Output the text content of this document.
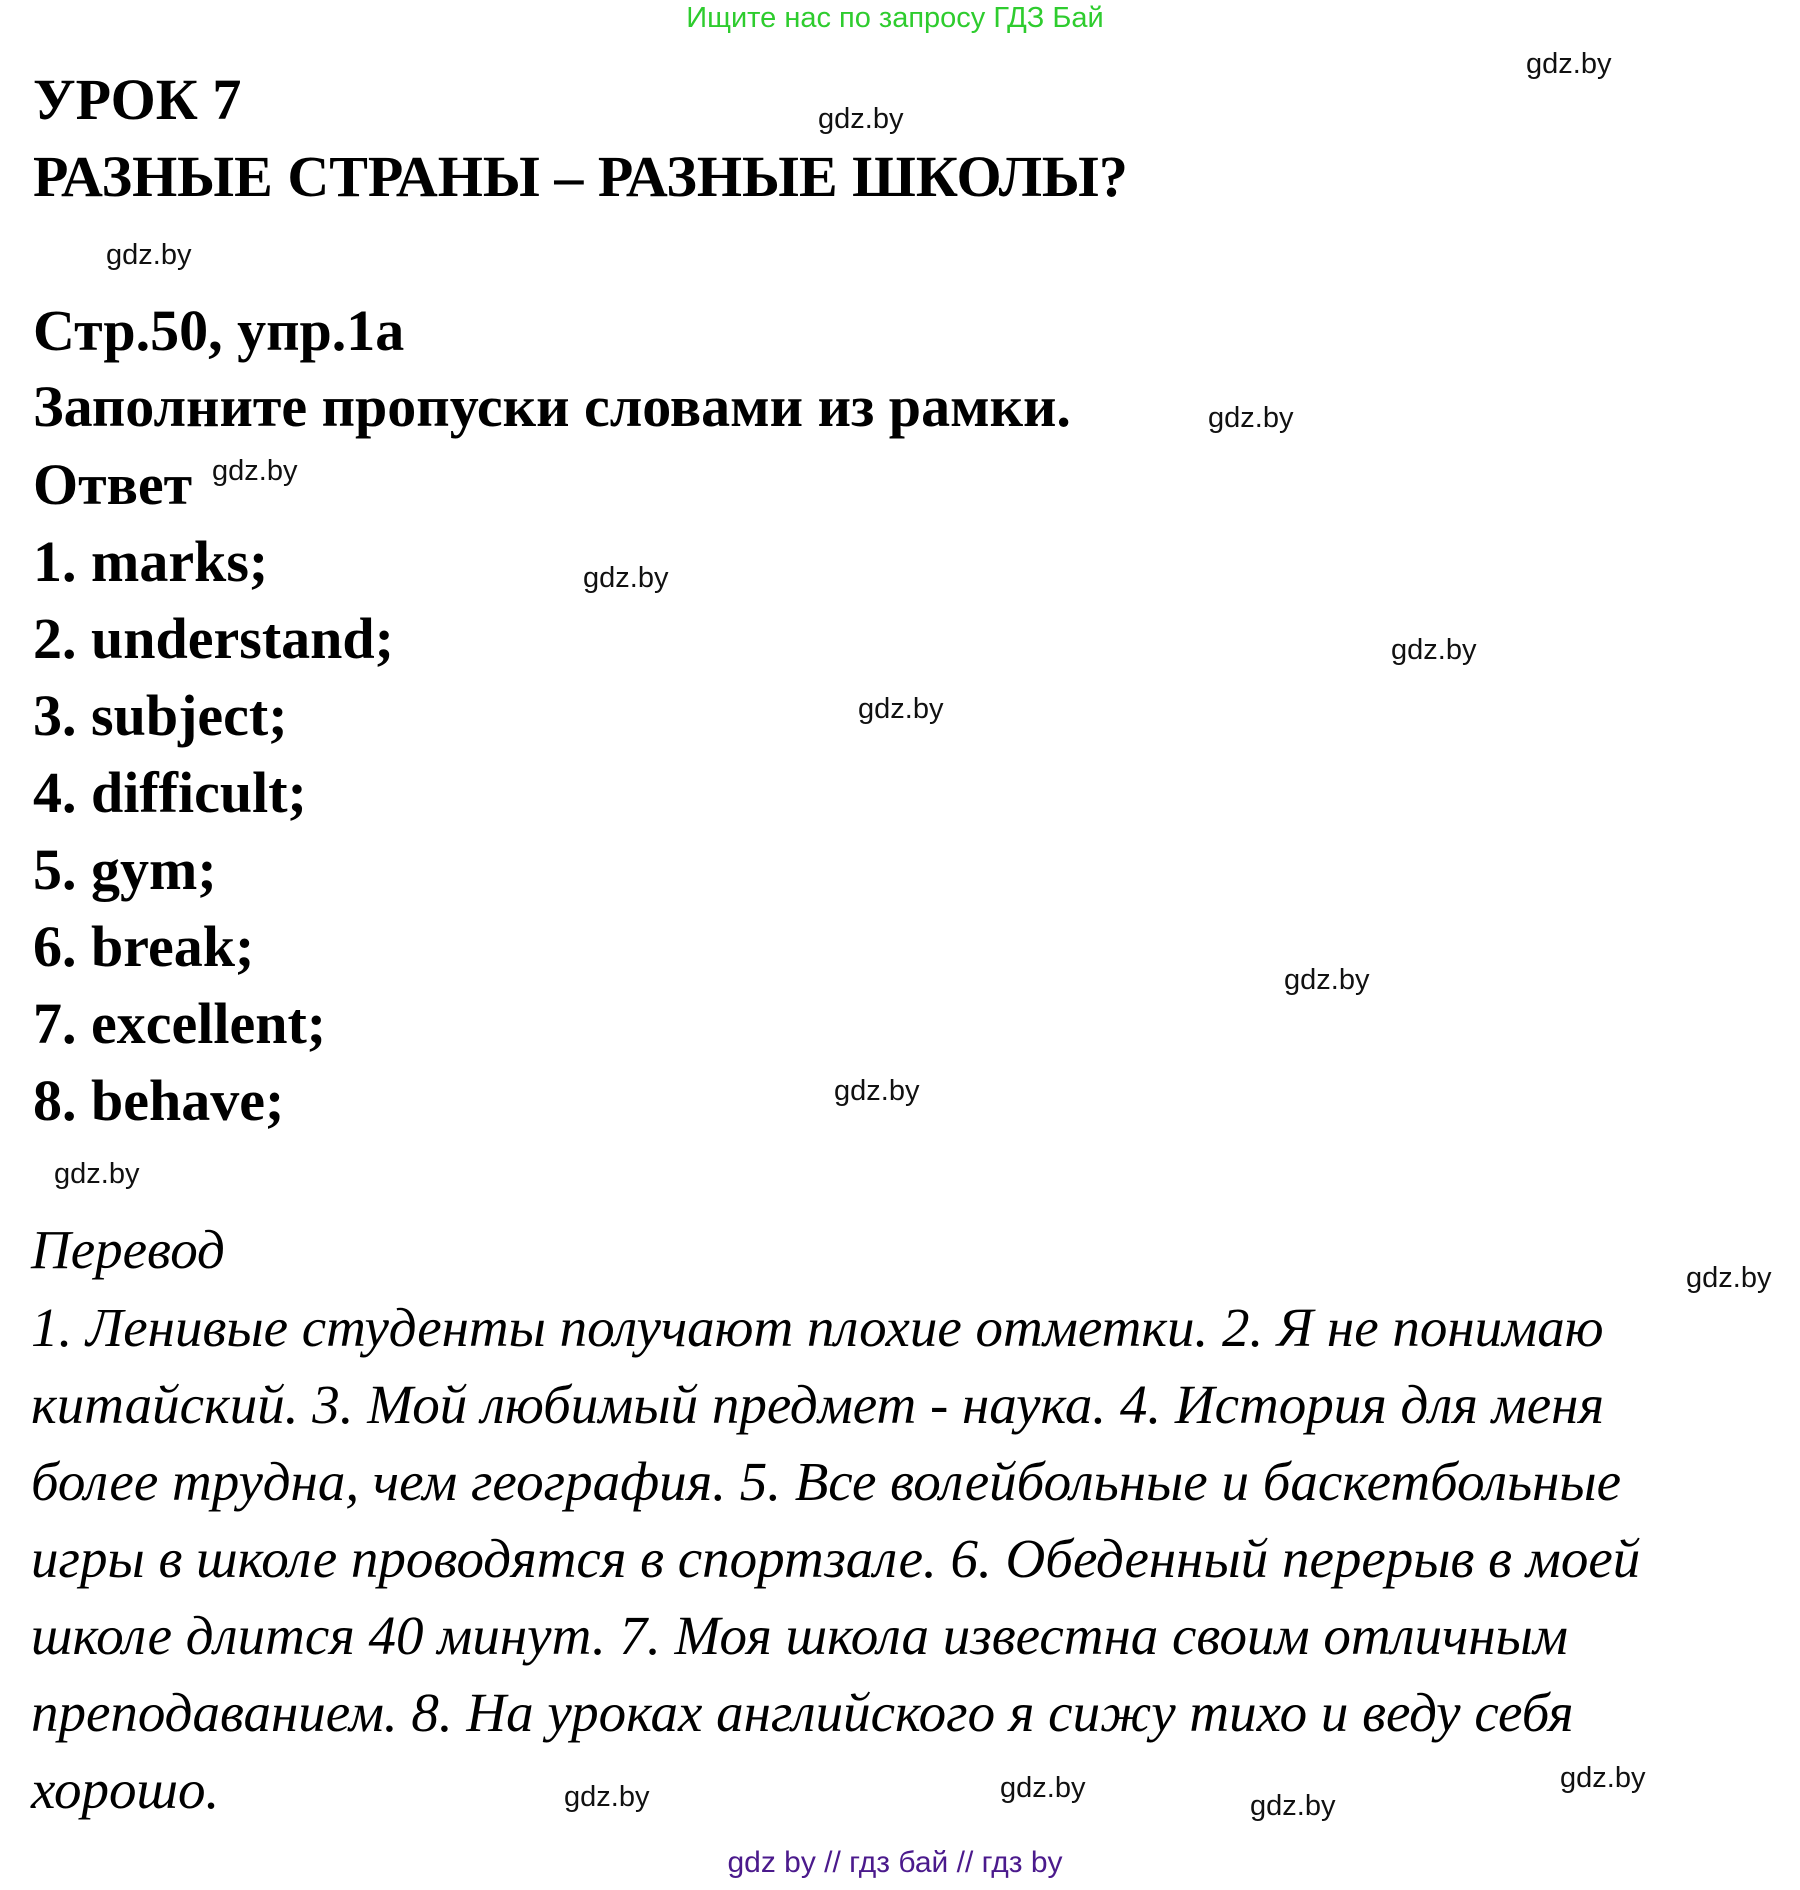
Ищите нас по запросу ГДЗ Бай
УРОК 7
РАЗНЫЕ СТРАНЫ – РАЗНЫЕ ШКОЛЫ?
Стр.50, упр.1а
Заполните пропуски словами из рамки.
Ответ
1. marks;
2. understand;
3. subject;
4. difficult;
5. gym;
6. break;
7. excellent;
8. behave;
Перевод
1. Ленивые студенты получают плохие отметки. 2. Я не понимаю
китайский. 3. Мой любимый предмет - наука. 4. История для меня
более трудна, чем география. 5. Все волейбольные и баскетбольные
игры в школе проводятся в спортзале. 6. Обеденный перерыв в моей
школе длится 40 минут. 7. Моя школа известна своим отличным
преподаванием. 8. На уроках английского я сижу тихо и веду себя
хорошо.
gdz.by
gdz.by
gdz.by
gdz.by
gdz.by
gdz.by
gdz.by
gdz.by
gdz.by
gdz.by
gdz.by
gdz.by
gdz.by
gdz.by
gdz.by
gdz.by
gdz by // гдз бай // гдз by
